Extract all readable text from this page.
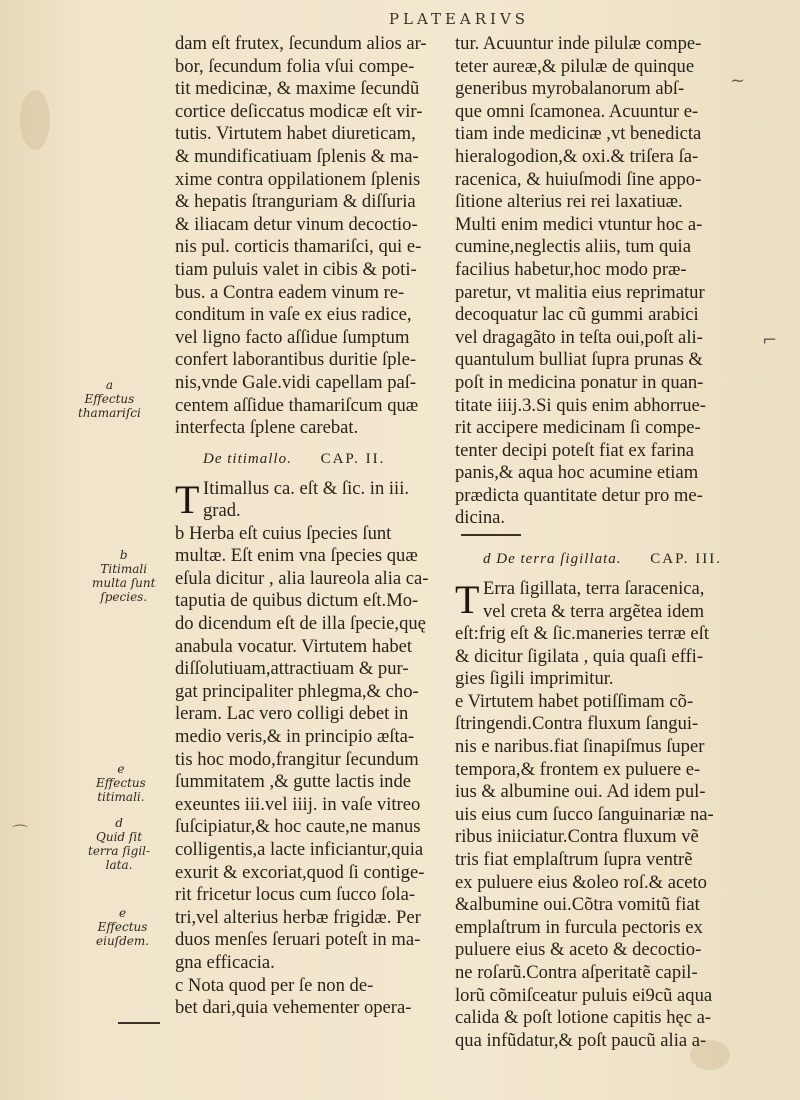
PLATEARIVS
dam eſt frutex, ſecundum alios ar-
bor, ſecundum folia vſui compe-
tit medicinæ, & maxime ſecundũ
cortice deſiccatus modicæ eſt vir-
tutis. Virtutem habet diureticam,
& mundificatiuam ſplenis & ma-
xime contra oppilationem ſplenis
& hepatis ſtranguriam & diſſuria
& iliacam detur vinum decoctio-
nis pul. corticis thamariſci, qui e-
tiam puluis valet in cibis & poti-
bus. a Contra eadem vinum re-
conditum in vaſe ex eius radice,
vel ligno facto aſſidue ſumptum
confert laborantibus duritie ſple-
nis,vnde Gale.vidi capellam paſ-
centem aſſidue thamariſcum quæ
interfecta ſplene carebat.
De titimallo. CAP. II.
T Itimallus ca. eſt & ſic. in iii.
grad.
b Herba eſt cuius ſpecies ſunt
multæ. Eſt enim vna ſpecies quæ
eſula dicitur , alia laureola alia ca-
taputia de quibus dictum eſt.Mo-
do dicendum eſt de illa ſpecie,quę
anabula vocatur. Virtutem habet
diſſolutiuam,attractiuam & pur-
gat principaliter phlegma,& cho-
leram. Lac vero colligi debet in
medio veris,& in principio æſta-
tis hoc modo,frangitur ſecundum
ſummitatem ,& gutte lactis inde
exeuntes iii.vel iiij. in vaſe vitreo
ſuſcipiatur,& hoc caute,ne manus
colligentis,a lacte inficiantur,quia
exurit & excoriat,quod ſi contige-
rit fricetur locus cum ſucco ſola-
tri,vel alterius herbæ frigidæ. Per
duos menſes ſeruari poteſt in ma-
gna efficacia.
c Nota quod per ſe non de-
bet dari,quia vehementer opera-
tur. Acuuntur inde pilulæ compe-
teter aureæ,& pilulæ de quinque
generibus myrobalanorum abſ-
que omni ſcamonea. Acuuntur e-
tiam inde medicinæ ,vt benedicta
hieralogodion,& oxi.& triſera ſa-
racenica, & huiuſmodi ſine appo-
ſitione alterius rei rei laxatiuæ.
Multi enim medici vtuntur hoc a-
cumine,neglectis aliis, tum quia
facilius habetur,hoc modo præ-
paretur, vt malitia eius reprimatur
decoquatur lac cũ gummi arabici
vel dragagãto in teſta oui,poſt ali-
quantulum bulliat ſupra prunas &
poſt in medicina ponatur in quan-
titate iiij.3.Si quis enim abhorrue-
rit accipere medicinam ſi compe-
tenter decipi poteſt fiat ex farina
panis,& aqua hoc acumine etiam
prædicta quantitate detur pro me-
dicina.
d De terra ſigillata. CAP. III.
T Erra ſigillata, terra ſaracenica,
vel creta & terra argẽtea idem
eſt:frig eſt & ſic.maneries terræ eſt
& dicitur ſigilata , quia quaſi effi-
gies ſigili imprimitur.
e Virtutem habet potiſſimam cõ-
ſtringendi.Contra fluxum ſangui-
nis e naribus.fiat ſinapiſmus ſuper
tempora,& frontem ex puluere e-
ius & albumine oui. Ad idem pul-
uis eius cum ſucco ſanguinariæ na-
ribus iniiciatur.Contra fluxum vẽ
tris fiat emplaſtrum ſupra ventrẽ
ex puluere eius &oleo roſ.& aceto
&albumine oui.Cõtra vomitũ fiat
emplaſtrum in furcula pectoris ex
puluere eius & aceto & decoctio-
ne roſarũ.Contra aſperitatẽ capil-
lorũ cõmiſceatur puluis ei9cũ aqua
calida & poſt lotione capitis hęc a-
qua infũdatur,& poſt paucũ alia a-
a
Effectus
thamariſci
b
Titimali
multa ſunt
ſpecies.
e
Effectus
titimali.
d
Quid ſit
terra ſigil-
lata.
e
Effectus
eiuſdem.
~
⌐
⌒
